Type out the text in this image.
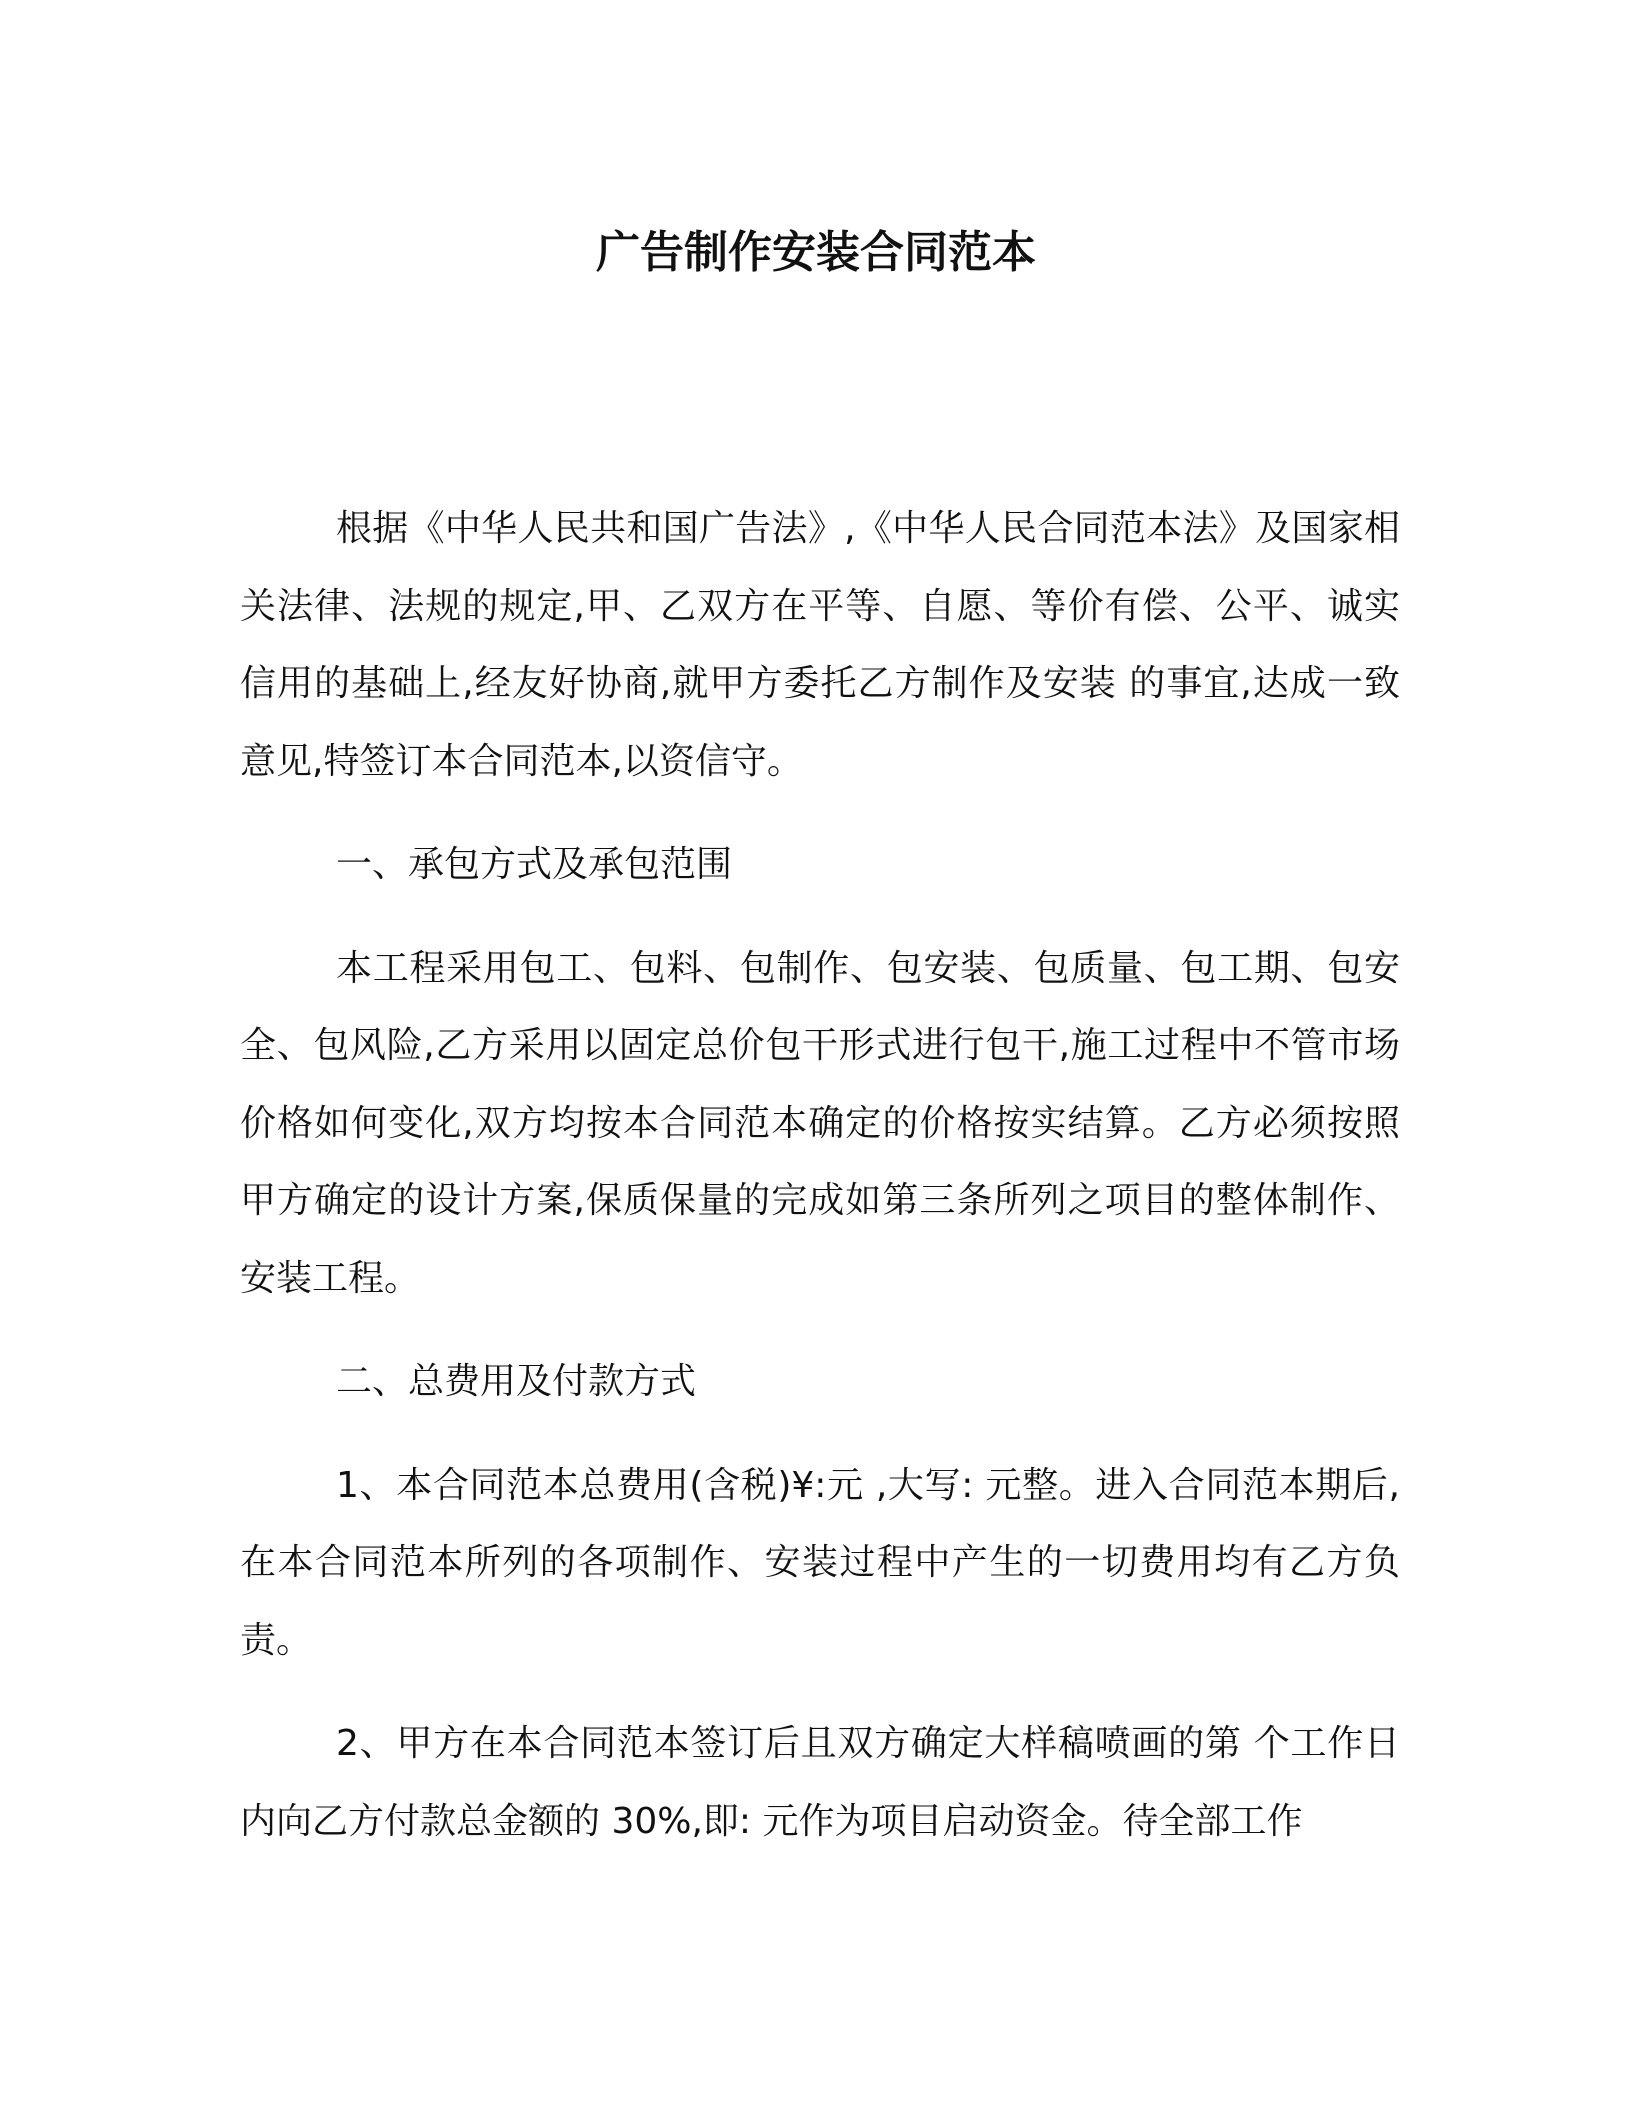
广告制作安装合同范本

根据《中华人民共和国广告法》,《中华人民合同范本法》及国家相关法律、法规的规定,甲、乙双方在平等、自愿、等价有偿、公平、诚实信用的基础上,经友好协商,就甲方委托乙方制作及安装 的事宜,达成一致意见,特签订本合同范本,以资信守。

一、承包方式及承包范围

本工程采用包工、包料、包制作、包安装、包质量、包工期、包安全、包风险,乙方采用以固定总价包干形式进行包干,施工过程中不管市场价格如何变化,双方均按本合同范本确定的价格按实结算。乙方必须按照甲方确定的设计方案,保质保量的完成如第三条所列之项目的整体制作、安装工程。

二、总费用及付款方式

1、本合同范本总费用(含税)¥:元 ,大写: 元整。进入合同范本期后,在本合同范本所列的各项制作、安装过程中产生的一切费用均有乙方负责。

2、甲方在本合同范本签订后且双方确定大样稿喷画的第 个工作日内向乙方付款总金额的 30%,即: 元作为项目启动资金。待全部工作
